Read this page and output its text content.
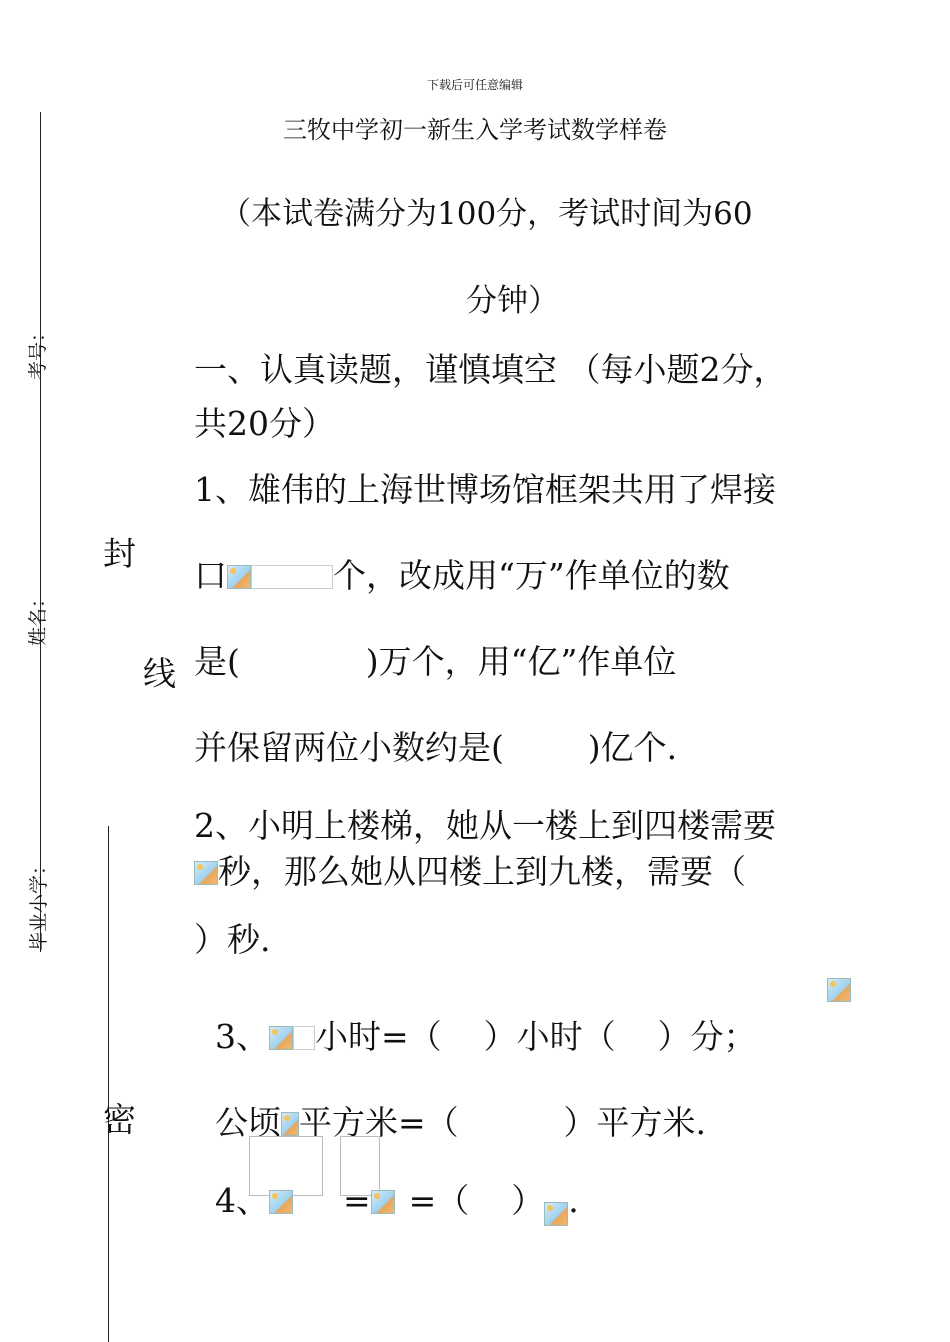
下载后可任意编辑
三牧中学初一新生入学考试数学样卷
（本试卷满分为100分，考试时间为60
分钟）
考号：
姓名：
毕业小学：
封
线
密
一、认真读题，谨慎填空 （每小题2分，
共20分）
1、雄伟的上海世博场馆框架共用了焊接
口	个，改成用“万”作单位的数
是(            )万个，用“亿”作单位
并保留两位小数约是(        )亿个.
2、小明上楼梯，她从一楼上到四楼需要
秒，那么她从四楼上到九楼，需要（
）秒.

3、 小时=（    ）小时（    ）分；

公顷 平方米=（          ）平方米.

4、 = =（    ） .
